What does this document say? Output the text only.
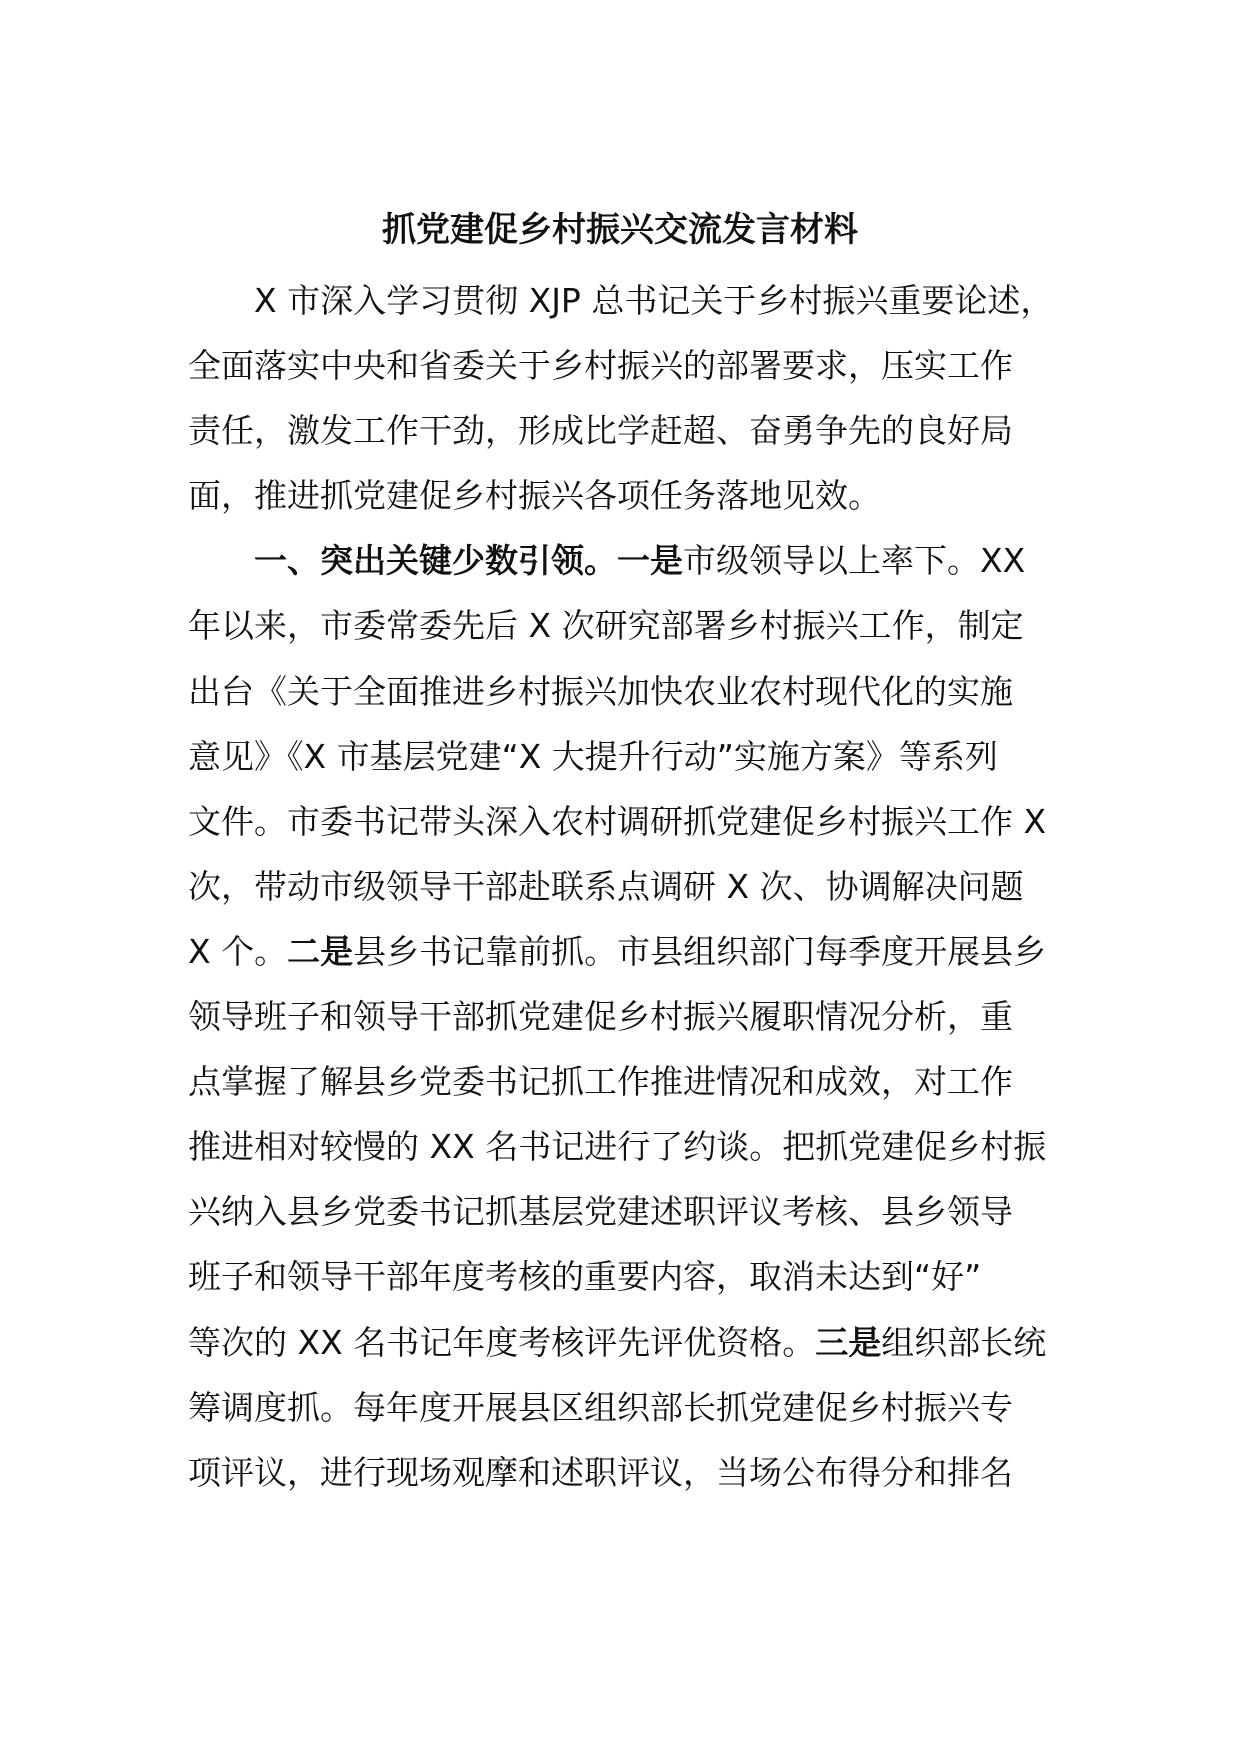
抓党建促乡村振兴交流发言材料
X 市深入学习贯彻 XJP 总书记关于乡村振兴重要论述，
全面落实中央和省委关于乡村振兴的部署要求，压实工作
责任，激发工作干劲，形成比学赶超、奋勇争先的良好局
面，推进抓党建促乡村振兴各项任务落地见效。
一、突出关键少数引领。一是市级领导以上率下。XX
年以来，市委常委先后 X 次研究部署乡村振兴工作，制定
出台《关于全面推进乡村振兴加快农业农村现代化的实施
意见》《X 市基层党建“X 大提升行动”实施方案》等系列
文件。市委书记带头深入农村调研抓党建促乡村振兴工作 X
次，带动市级领导干部赴联系点调研 X 次、协调解决问题
X 个。二是县乡书记靠前抓。市县组织部门每季度开展县乡
领导班子和领导干部抓党建促乡村振兴履职情况分析，重
点掌握了解县乡党委书记抓工作推进情况和成效，对工作
推进相对较慢的 XX 名书记进行了约谈。把抓党建促乡村振
兴纳入县乡党委书记抓基层党建述职评议考核、县乡领导
班子和领导干部年度考核的重要内容，取消未达到“好”
等次的 XX 名书记年度考核评先评优资格。三是组织部长统
筹调度抓。每年度开展县区组织部长抓党建促乡村振兴专
项评议，进行现场观摩和述职评议，当场公布得分和排名
